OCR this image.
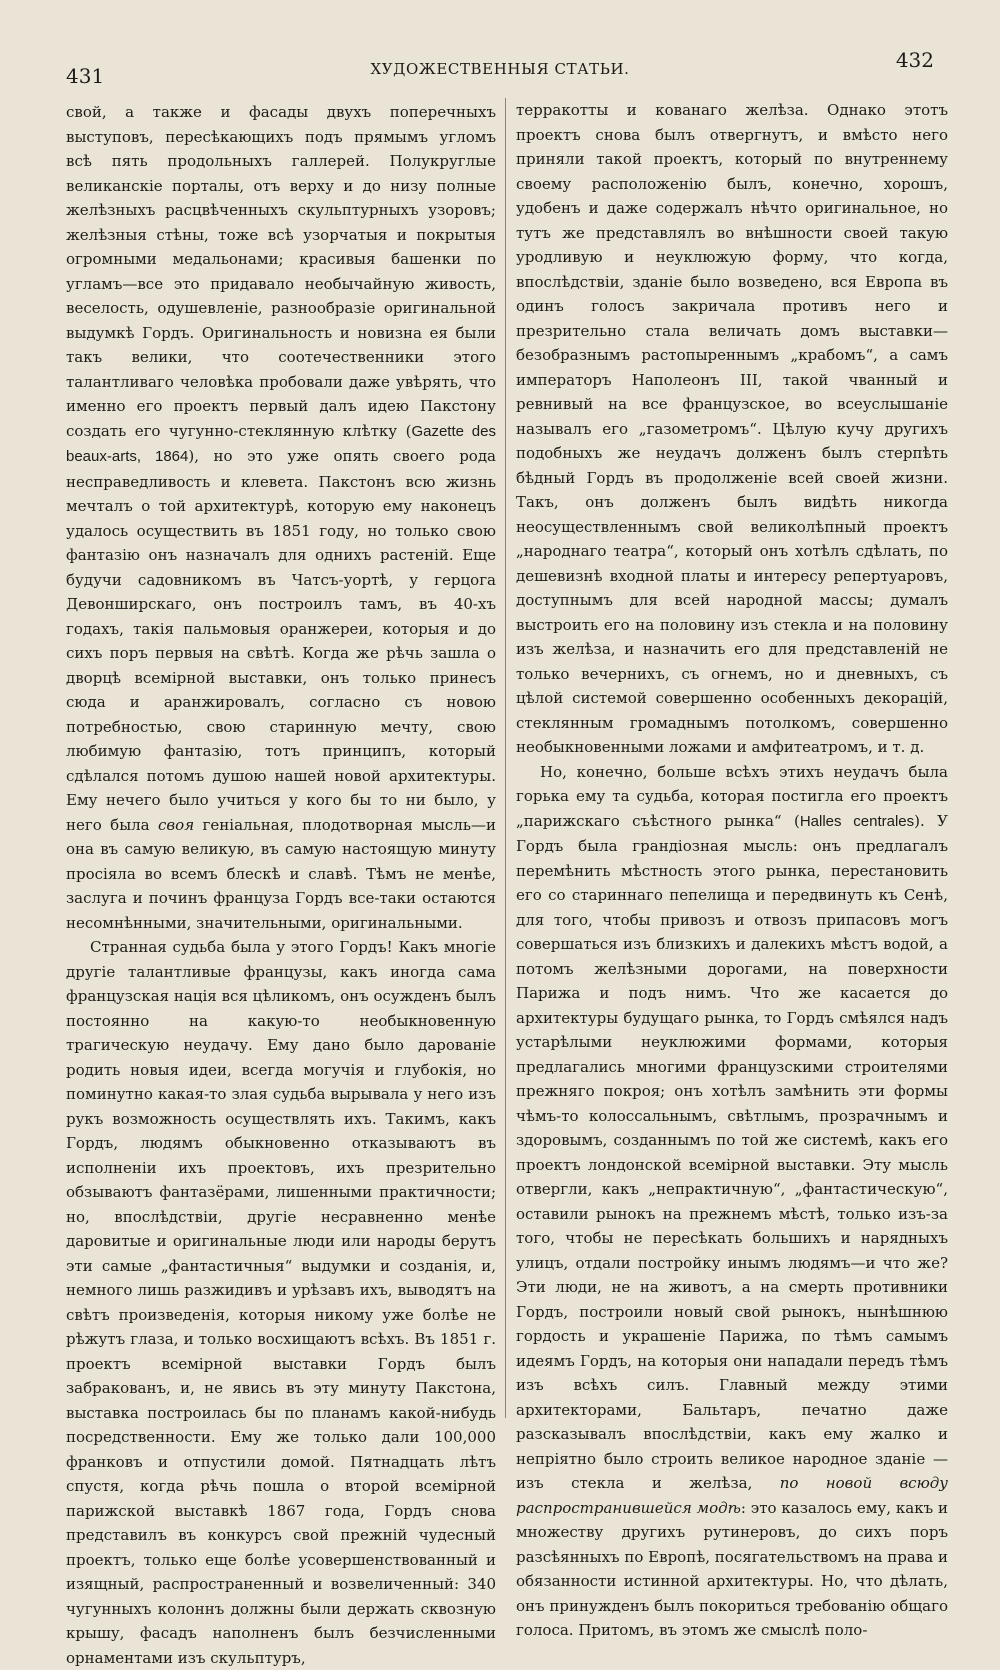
431	ХУДОЖЕСТВЕННЫЯ СТАТЬИ.	432

свой, а также и фасады двухъ поперечныхъ выступовъ, пересѣкающихъ подъ прямымъ угломъ всѣ пять продольныхъ галлерей. Полукруглые великанскіе порталы, отъ верху и до низу полные желѣзныхъ расцвѣченныхъ скульптурныхъ узоровъ; желѣзныя стѣны, тоже всѣ узорчатыя и покрытыя огромными медальонами; красивыя башенки по угламъ—все это придавало необычайную живость, веселость, одушевленіе, разнообразіе оригинальной выдумкѣ Гордъ. Оригинальность и новизна ея были такъ велики, что соотечественники этого талантливаго человѣка пробовали даже увѣрять, что именно его проектъ первый далъ идею Пакстону создать его чугунно-стеклянную клѣтку (Gazette des beaux-arts, 1864), но это уже опять своего рода несправедливость и клевета. Пакстонъ всю жизнь мечталъ о той архитектурѣ, которую ему наконецъ удалось осуществить въ 1851 году, но только свою фантазію онъ назначалъ для однихъ растеній. Еще будучи садовникомъ въ Чатсъ-уортѣ, у герцога Девонширскаго, онъ построилъ тамъ, въ 40-хъ годахъ, такія пальмовыя оранжереи, которыя и до сихъ поръ первыя на свѣтѣ. Когда же рѣчь зашла о дворцѣ всемірной выставки, онъ только принесъ сюда и аранжировалъ, согласно съ новою потребностью, свою старинную мечту, свою любимую фантазію, тотъ принципъ, который сдѣлался потомъ душою нашей новой архитектуры. Ему нечего было учиться у кого бы то ни было, у него была своя геніальная, плодотворная мысль—и она въ самую великую, въ самую настоящую минуту просіяла во всемъ блескѣ и славѣ. Тѣмъ не менѣе, заслуга и починъ француза Гордъ все-таки остаются несомнѣнными, значительными, оригинальными.

Странная судьба была у этого Гордъ! Какъ многіе другіе талантливые французы, какъ иногда сама французская нація вся цѣликомъ, онъ осужденъ былъ постоянно на какую-то необыкновенную трагическую неудачу. Ему дано было дарованіе родить новыя идеи, всегда могучія и глубокія, но поминутно какая-то злая судьба вырывала у него изъ рукъ возможность осуществлять ихъ. Такимъ, какъ Гордъ, людямъ обыкновенно отказываютъ въ исполненіи ихъ проектовъ, ихъ презрительно обзываютъ фантазёрами, лишенными практичности; но, впослѣдствіи, другіе несравненно менѣе даровитые и оригинальные люди или народы берутъ эти самые „фантастичныя“ выдумки и созданія, и, немного лишь разжидивъ и урѣзавъ ихъ, выводятъ на свѣтъ произведенія, которыя никому уже болѣе не рѣжутъ глаза, и только восхищаютъ всѣхъ. Въ 1851 г. проектъ всемірной выставки Гордъ былъ забракованъ, и, не явись въ эту минуту Пакстона, выставка построилась бы по планамъ какой-нибудь посредственности. Ему же только дали 100,000 франковъ и отпустили домой. Пятнадцать лѣтъ спустя, когда рѣчь пошла о второй всемірной парижской выставкѣ 1867 года, Гордъ снова представилъ въ конкурсъ свой прежній чудесный проектъ, только еще болѣе усовершенствованный и изящный, распространенный и возвеличенный: 340 чугунныхъ колоннъ должны были держать сквозную крышу, фасадъ наполненъ былъ безчисленными орнаментами изъ скульптуръ,

терракотты и кованаго желѣза. Однако этотъ проектъ снова былъ отвергнутъ, и вмѣсто него приняли такой проектъ, который по внутреннему своему расположенію былъ, конечно, хорошъ, удобенъ и даже содержалъ нѣчто оригинальное, но тутъ же представлялъ во внѣшности своей такую уродливую и неуклюжую форму, что когда, впослѣдствіи, зданіе было возведено, вся Европа въ одинъ голосъ закричала противъ него и презрительно стала величать домъ выставки—безобразнымъ растопыреннымъ „крабомъ“, а самъ императоръ Наполеонъ III, такой чванный и ревнивый на все французское, во всеуслышаніе называлъ его „газометромъ“. Цѣлую кучу другихъ подобныхъ же неудачъ долженъ былъ стерпѣть бѣдный Гордъ въ продолженіе всей своей жизни. Такъ, онъ долженъ былъ видѣть никогда неосуществленнымъ свой великолѣпный проектъ „народнаго театра“, который онъ хотѣлъ сдѣлать, по дешевизнѣ входной платы и интересу репертуаровъ, доступнымъ для всей народной массы; думалъ выстроить его на половину изъ стекла и на половину изъ желѣза, и назначить его для представленій не только вечернихъ, съ огнемъ, но и дневныхъ, съ цѣлой системой совершенно особенныхъ декорацій, стеклянным громаднымъ потолкомъ, совершенно необыкновенными ложами и амфитеатромъ, и т. д.

Но, конечно, больше всѣхъ этихъ неудачъ была горька ему та судьба, которая постигла его проектъ „парижскаго съѣстного рынка“ (Halles centrales). У Гордъ была грандіозная мысль: онъ предлагалъ перемѣнить мѣстность этого рынка, перестановить его со стариннаго пепелища и передвинуть къ Сенѣ, для того, чтобы привозъ и отвозъ припасовъ могъ совершаться изъ близкихъ и далекихъ мѣстъ водой, а потомъ желѣзными дорогами, на поверхности Парижа и подъ нимъ. Что же касается до архитектуры будущаго рынка, то Гордъ смѣялся надъ устарѣлыми неуклюжими формами, которыя предлагались многими французскими строителями прежняго покроя; онъ хотѣлъ замѣнить эти формы чѣмъ-то колоссальнымъ, свѣтлымъ, прозрачнымъ и здоровымъ, созданнымъ по той же системѣ, какъ его проектъ лондонской всемірной выставки. Эту мысль отвергли, какъ „непрактичную“, „фантастическую“, оставили рынокъ на прежнемъ мѣстѣ, только изъ-за того, чтобы не пересѣкать большихъ и нарядныхъ улицъ, отдали постройку инымъ людямъ—и что же? Эти люди, не на животъ, а на смерть противники Гордъ, построили новый свой рынокъ, нынѣшнюю гордость и украшеніе Парижа, по тѣмъ самымъ идеямъ Гордъ, на которыя они нападали передъ тѣмъ изъ всѣхъ силъ. Главный между этими архитекторами, Бальтаръ, печатно даже разсказывалъ впослѣдствіи, какъ ему жалко и непріятно было строить великое народное зданіе — изъ стекла и желѣза, по новой всюду распространившейся модѣ: это казалось ему, какъ и множеству другихъ рутинеровъ, до сихъ поръ разсѣянныхъ по Европѣ, посягательствомъ на права и обязанности истинной архитектуры. Но, что дѣлать, онъ принужденъ былъ покориться требованію общаго голоса. Притомъ, въ этомъ же смыслѣ поло-
